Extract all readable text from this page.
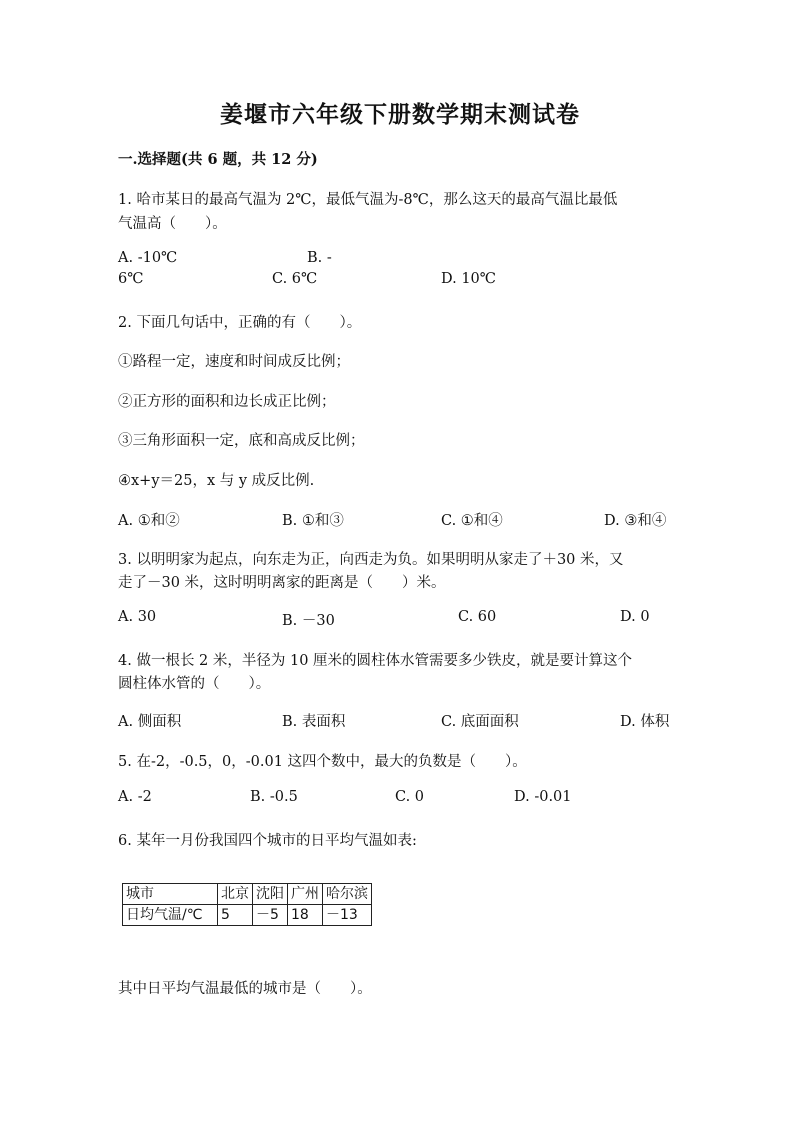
姜堰市六年级下册数学期末测试卷
一.选择题(共 6 题，共 12 分)
1. 哈市某日的最高气温为 2℃，最低气温为-8℃，那么这天的最高气温比最低
气温高（　　）。
A. -10℃	B. -
6℃	C. 6℃	D. 10℃
2. 下面几句话中，正确的有（　　）。
①路程一定，速度和时间成反比例；
②正方形的面积和边长成正比例；
③三角形面积一定，底和高成反比例；
④x+y＝25，x 与 y 成反比例.
A. ①和②	B. ①和③	C. ①和④	D. ③和④
3. 以明明家为起点，向东走为正，向西走为负。如果明明从家走了＋30 米，又
走了－30 米，这时明明离家的距离是（　　）米。
A. 30	B. －30	C. 60	D. 0
4. 做一根长 2 米，半径为 10 厘米的圆柱体水管需要多少铁皮，就是要计算这个
圆柱体水管的（　　）。
A. 侧面积	B. 表面积	C. 底面面积	D. 体积
5. 在-2，-0.5，0，-0.01 这四个数中，最大的负数是（　　）。
A. -2	B. -0.5	C. 0	D. -0.01
6. 某年一月份我国四个城市的日平均气温如表:
城市	北京	沈阳	广州	哈尔滨
日均气温/℃	5	－5	18	－13
其中日平均气温最低的城市是（　　）。
